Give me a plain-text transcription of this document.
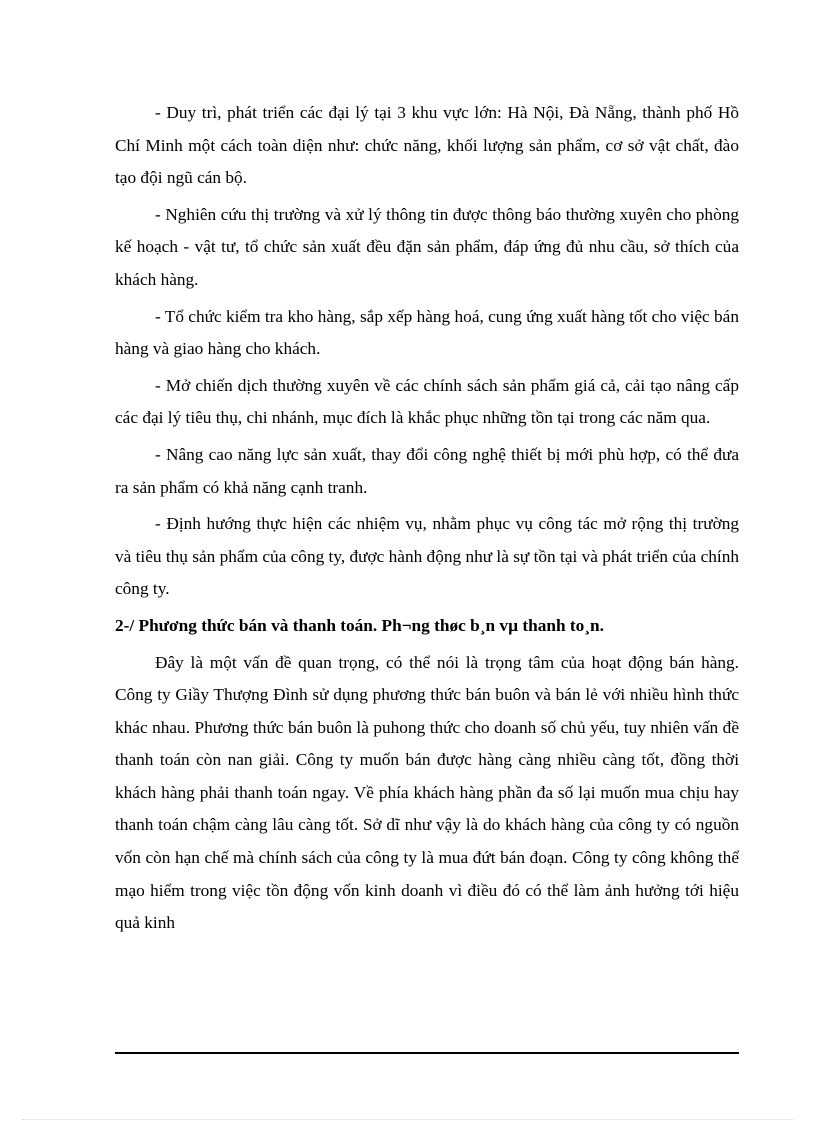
- Duy trì, phát triển các đại lý tại 3 khu vực lớn: Hà Nội, Đà Nẵng, thành phố Hồ Chí Minh một cách toàn diện như: chức năng, khối lượng sản phẩm, cơ sở vật chất, đào tạo đội ngũ cán bộ.

- Nghiên cứu thị trường và xử lý thông tin được thông báo thường xuyên cho phòng kế hoạch - vật tư, tổ chức sản xuất đều đặn sản phẩm, đáp ứng đủ nhu cầu, sở thích của khách hàng.

- Tổ chức kiểm tra kho hàng, sắp xếp hàng hoá, cung ứng xuất hàng tốt cho việc bán hàng và giao hàng cho khách.

- Mở chiến dịch thường xuyên về các chính sách sản phẩm giá cả, cải tạo nâng cấp các đại lý tiêu thụ, chi nhánh, mục đích là khắc phục những tồn tại trong các năm qua.

- Nâng cao năng lực sản xuất, thay đổi công nghệ thiết bị mới phù hợp, có thể đưa ra sản phẩm có khả năng cạnh tranh.

- Định hướng thực hiện các nhiệm vụ, nhằm phục vụ công tác mở rộng thị trường và tiêu thụ sản phẩm của công ty, được hành động như là sự tồn tại và phát triển của chính công ty.

2-/ Phương thức bán và thanh toán. Ph¬ng thøc b¸n vµ thanh to¸n.

Đây là một vấn đề quan trọng, có thể nói là trọng tâm của hoạt động bán hàng. Công ty Giầy Thượng Đình sử dụng phương thức bán buôn và bán lẻ với nhiều hình thức khác nhau. Phương thức bán buôn là puhong thức cho doanh số chủ yếu, tuy nhiên vấn đề thanh toán còn nan giải. Công ty muốn bán được hàng càng nhiều càng tốt, đồng thời khách hàng phải thanh toán ngay. Về phía khách hàng phần đa số lại muốn mua chịu hay thanh toán chậm càng lâu càng tốt. Sở dĩ như vậy là do khách hàng của công ty có nguồn vốn còn hạn chế mà chính sách của công ty là mua đứt bán đoạn. Công ty công không thể mạo hiểm trong việc tồn động vốn kinh doanh vì điều đó có thể làm ảnh hưởng tới hiệu quả kinh
